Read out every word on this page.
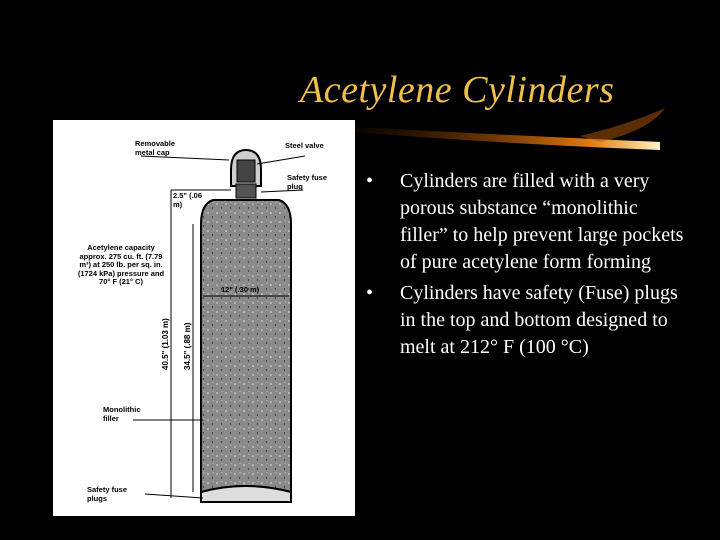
Acetylene Cylinders
Removable metal cap
Steel valve
Safety fuse plug
2.5" (.06 m)
Acetylene capacity approx. 275 cu. ft. (7.79 m³) at 250 lb. per sq. in. (1724 kPa) pressure and 70° F (21° C)
12" (.30 m)
40.5" (1.03 m) 34.5" (.88 m)
Monolithic filler
Safety fuse plugs
• Cylinders are filled with a very porous substance “monolithic filler” to help prevent large pockets of pure acetylene form forming
• Cylinders have safety (Fuse) plugs in the top and bottom designed to melt at 212° F (100 °C)
